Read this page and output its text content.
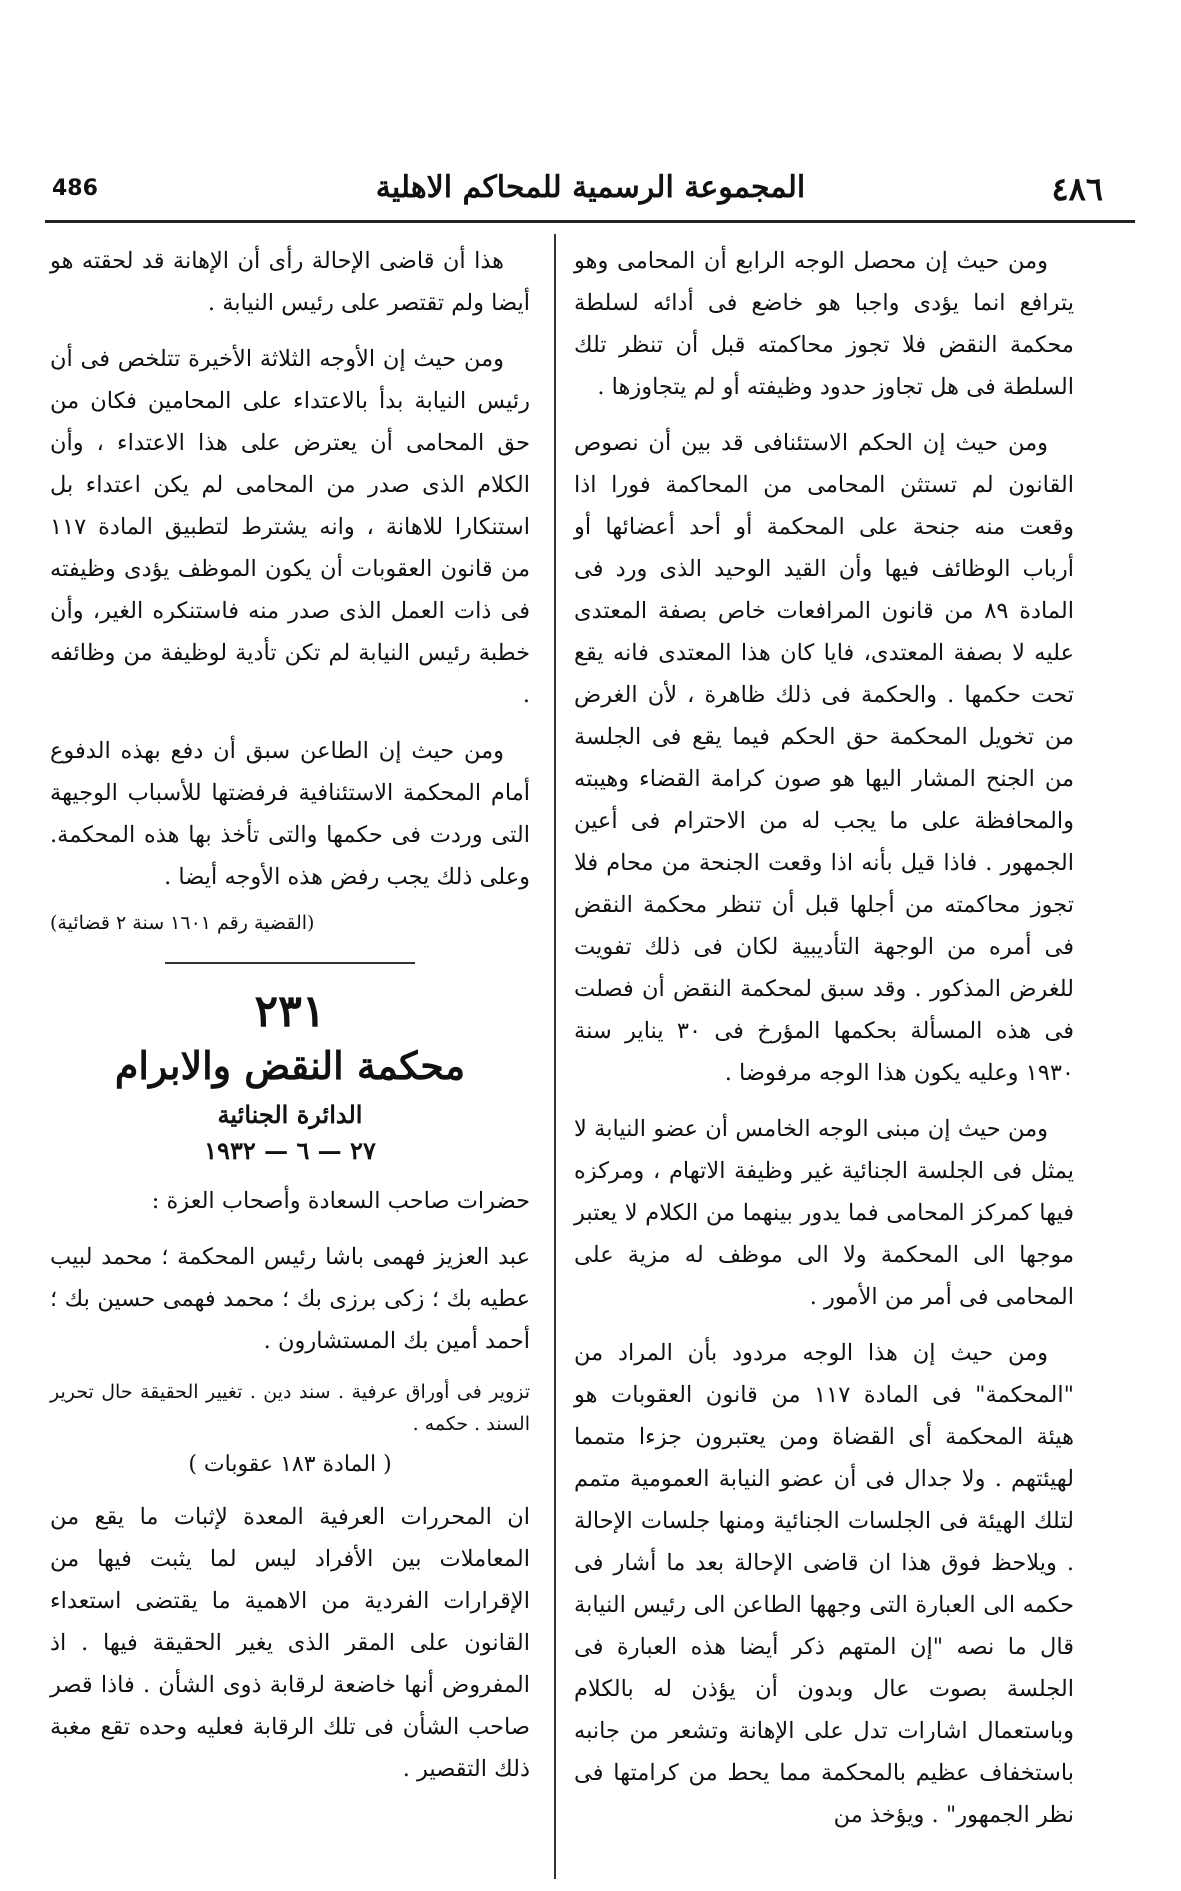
٤٨٦
المجموعة الرسمية للمحاكم الاهلية
486

ومن حيث إن محصل الوجه الرابع أن المحامى وهو يترافع انما يؤدى واجبا هو خاضع فى أدائه لسلطة محكمة النقض فلا تجوز محاكمته قبل أن تنظر تلك السلطة فى هل تجاوز حدود وظيفته أو لم يتجاوزها .

ومن حيث إن الحكم الاستئنافى قد بين أن نصوص القانون لم تستثن المحامى من المحاكمة فورا اذا وقعت منه جنحة على المحكمة أو أحد أعضائها أو أرباب الوظائف فيها وأن القيد الوحيد الذى ورد فى المادة ٨٩ من قانون المرافعات خاص بصفة المعتدى عليه لا بصفة المعتدى، فايا كان هذا المعتدى فانه يقع تحت حكمها . والحكمة فى ذلك ظاهرة ، لأن الغرض من تخويل المحكمة حق الحكم فيما يقع فى الجلسة من الجنح المشار اليها هو صون كرامة القضاء وهيبته والمحافظة على ما يجب له من الاحترام فى أعين الجمهور . فاذا قيل بأنه اذا وقعت الجنحة من محام فلا تجوز محاكمته من أجلها قبل أن تنظر محكمة النقض فى أمره من الوجهة التأديبية لكان فى ذلك تفويت للغرض المذكور . وقد سبق لمحكمة النقض أن فصلت فى هذه المسألة بحكمها المؤرخ فى ٣٠ يناير سنة ١٩٣٠ وعليه يكون هذا الوجه مرفوضا .

ومن حيث إن مبنى الوجه الخامس أن عضو النيابة لا يمثل فى الجلسة الجنائية غير وظيفة الاتهام ، ومركزه فيها كمركز المحامى فما يدور بينهما من الكلام لا يعتبر موجها الى المحكمة ولا الى موظف له مزية على المحامى فى أمر من الأمور .

ومن حيث إن هذا الوجه مردود بأن المراد من "المحكمة" فى المادة ١١٧ من قانون العقوبات هو هيئة المحكمة أى القضاة ومن يعتبرون جزءا متمما لهيئتهم . ولا جدال فى أن عضو النيابة العمومية متمم لتلك الهيئة فى الجلسات الجنائية ومنها جلسات الإحالة . ويلاحظ فوق هذا ان قاضى الإحالة بعد ما أشار فى حكمه الى العبارة التى وجهها الطاعن الى رئيس النيابة قال ما نصه "إن المتهم ذكر أيضا هذه العبارة فى الجلسة بصوت عال وبدون أن يؤذن له بالكلام وباستعمال اشارات تدل على الإهانة وتشعر من جانبه باستخفاف عظيم بالمحكمة مما يحط من كرامتها فى نظر الجمهور" . ويؤخذ من

هذا أن قاضى الإحالة رأى أن الإهانة قد لحقته هو أيضا ولم تقتصر على رئيس النيابة .

ومن حيث إن الأوجه الثلاثة الأخيرة تتلخص فى أن رئيس النيابة بدأ بالاعتداء على المحامين فكان من حق المحامى أن يعترض على هذا الاعتداء ، وأن الكلام الذى صدر من المحامى لم يكن اعتداء بل استنكارا للاهانة ، وانه يشترط لتطبيق المادة ١١٧ من قانون العقوبات أن يكون الموظف يؤدى وظيفته فى ذات العمل الذى صدر منه فاستنكره الغير، وأن خطبة رئيس النيابة لم تكن تأدية لوظيفة من وظائفه .

ومن حيث إن الطاعن سبق أن دفع بهذه الدفوع أمام المحكمة الاستئنافية فرفضتها للأسباب الوجيهة التى وردت فى حكمها والتى تأخذ بها هذه المحكمة. وعلى ذلك يجب رفض هذه الأوجه أيضا .

(القضية رقم ١٦٠١ سنة ٢ قضائية)
٢٣١
محكمة النقض والابرام
الدائرة الجنائية
٢٧ — ٦ — ١٩٣٢

حضرات صاحب السعادة وأصحاب العزة :

عبد العزيز فهمى باشا رئيس المحكمة ؛ محمد لبيب عطيه بك ؛ زكى برزى بك ؛ محمد فهمى حسين بك ؛ أحمد أمين بك المستشارون .

تزوير فى أوراق عرفية . سند دين . تغيير الحقيقة حال تحرير السند . حكمه .

( المادة ١٨٣ عقوبات )

ان المحررات العرفية المعدة لإثبات ما يقع من المعاملات بين الأفراد ليس لما يثبت فيها من الإقرارات الفردية من الاهمية ما يقتضى استعداء القانون على المقر الذى يغير الحقيقة فيها . اذ المفروض أنها خاضعة لرقابة ذوى الشأن . فاذا قصر صاحب الشأن فى تلك الرقابة فعليه وحده تقع مغبة ذلك التقصير .
